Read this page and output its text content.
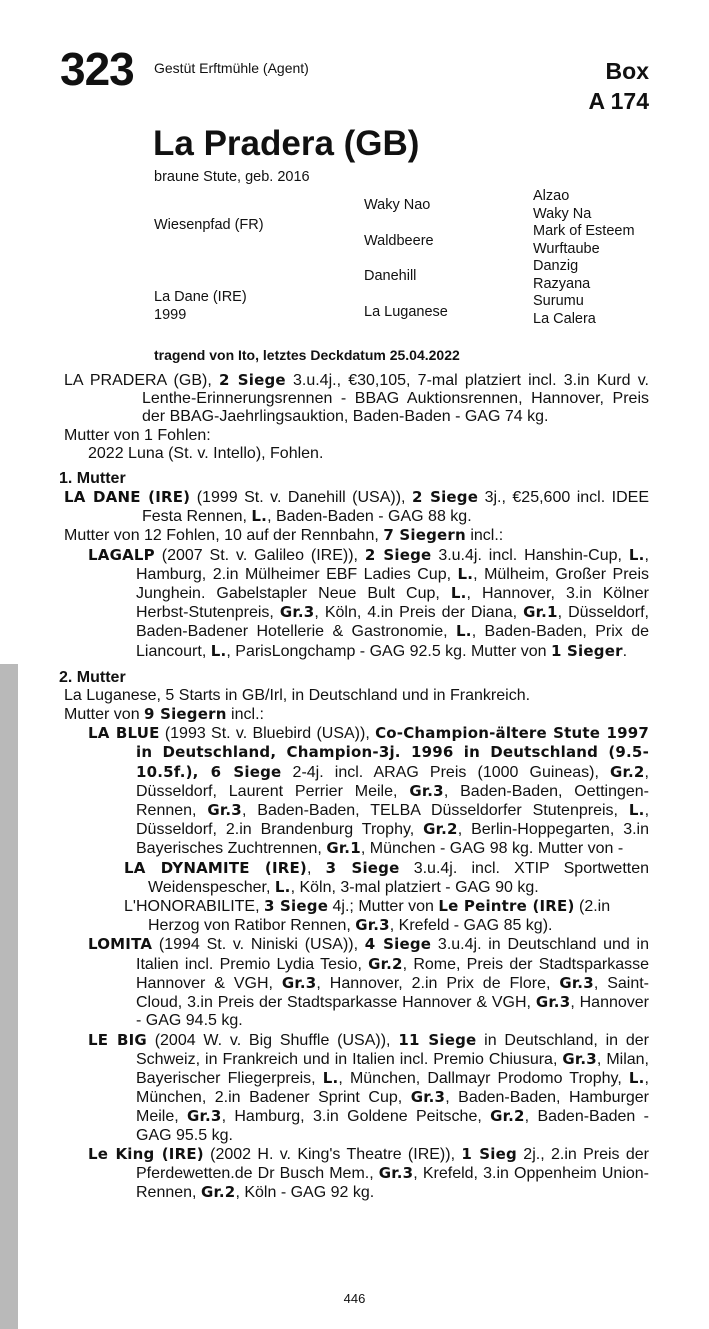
323 Gestüt Erftmühle (Agent)	Box
A 174
La Pradera (GB)
braune Stute, geb. 2016
Wiesenpfad (FR)
La Dane (IRE)
1999
Waky Nao
Waldbeere
Danehill
La Luganese
Alzao
Waky Na
Mark of Esteem
Wurftaube
Danzig
Razyana
Surumu
La Calera
tragend von Ito, letztes Deckdatum 25.04.2022
LA PRADERA (GB), 2 Siege 3.u.4j., €30,105, 7-mal platziert incl. 3.in Kurd v. Lenthe-Erinnerungsrennen - BBAG Auktionsrennen, Hannover, Preis der BBAG-Jaehrlingsauktion, Baden-Baden - GAG 74 kg.
Mutter von 1 Fohlen:
2022 Luna (St. v. Intello), Fohlen.
1. Mutter
LA DANE (IRE) (1999 St. v. Danehill (USA)), 2 Siege 3j., €25,600 incl. IDEE Festa Rennen, L., Baden-Baden - GAG 88 kg.
Mutter von 12 Fohlen, 10 auf der Rennbahn, 7 Siegern incl.:
LAGALP (2007 St. v. Galileo (IRE)), 2 Siege 3.u.4j. incl. Hanshin-Cup, L., Hamburg, 2.in Mülheimer EBF Ladies Cup, L., Mülheim, Großer Preis Junghein. Gabelstapler Neue Bult Cup, L., Hannover, 3.in Kölner Herbst-Stutenpreis, Gr.3, Köln, 4.in Preis der Diana, Gr.1, Düsseldorf, Baden-Badener Hotellerie & Gastronomie, L., Baden-Baden, Prix de Liancourt, L., ParisLongchamp - GAG 92.5 kg. Mutter von 1 Sieger.
2. Mutter
La Luganese, 5 Starts in GB/Irl, in Deutschland und in Frankreich.
Mutter von 9 Siegern incl.:
LA BLUE (1993 St. v. Bluebird (USA)), Co-Champion-ältere Stute 1997 in Deutschland, Champion-3j. 1996 in Deutschland (9.5-10.5f.), 6 Siege 2-4j. incl. ARAG Preis (1000 Guineas), Gr.2, Düsseldorf, Laurent Perrier Meile, Gr.3, Baden-Baden, Oettingen-Rennen, Gr.3, Baden-Baden, TELBA Düsseldorfer Stutenpreis, L., Düsseldorf, 2.in Brandenburg Trophy, Gr.2, Berlin-Hoppegarten, 3.in Bayerisches Zuchtrennen, Gr.1, München - GAG 98 kg. Mutter von -
LA DYNAMITE (IRE), 3 Siege 3.u.4j. incl. XTIP Sportwetten Weidenspescher, L., Köln, 3-mal platziert - GAG 90 kg.
L'HONORABILITE, 3 Siege 4j.; Mutter von Le Peintre (IRE) (2.in Herzog von Ratibor Rennen, Gr.3, Krefeld - GAG 85 kg).
LOMITA (1994 St. v. Niniski (USA)), 4 Siege 3.u.4j. in Deutschland und in Italien incl. Premio Lydia Tesio, Gr.2, Rome, Preis der Stadtsparkasse Hannover & VGH, Gr.3, Hannover, 2.in Prix de Flore, Gr.3, Saint-Cloud, 3.in Preis der Stadtsparkasse Hannover & VGH, Gr.3, Hannover - GAG 94.5 kg.
LE BIG (2004 W. v. Big Shuffle (USA)), 11 Siege in Deutschland, in der Schweiz, in Frankreich und in Italien incl. Premio Chiusura, Gr.3, Milan, Bayerischer Fliegerpreis, L., München, Dallmayr Prodomo Trophy, L., München, 2.in Badener Sprint Cup, Gr.3, Baden-Baden, Hamburger Meile, Gr.3, Hamburg, 3.in Goldene Peitsche, Gr.2, Baden-Baden - GAG 95.5 kg.
Le King (IRE) (2002 H. v. King's Theatre (IRE)), 1 Sieg 2j., 2.in Preis der Pferdewetten.de Dr Busch Mem., Gr.3, Krefeld, 3.in Oppenheim Union-Rennen, Gr.2, Köln - GAG 92 kg.
446
